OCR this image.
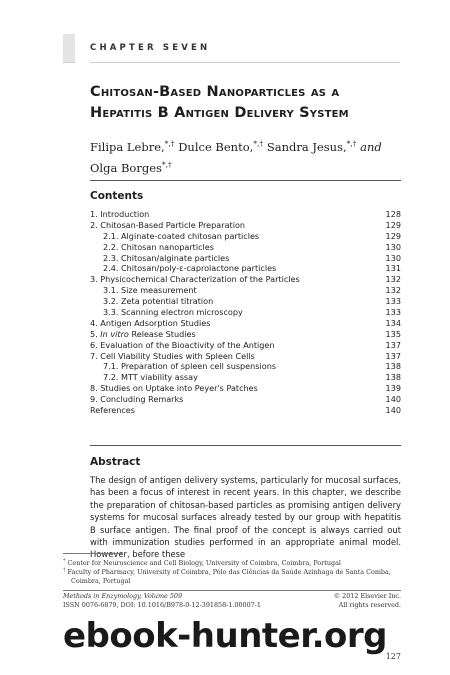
CHAPTER SEVEN
Chitosan-Based Nanoparticles as a
Hepatitis B Antigen Delivery System
Filipa Lebre,*,† Dulce Bento,*,† Sandra Jesus,*,† and
Olga Borges*,†
Contents
1. Introduction	128
2. Chitosan-Based Particle Preparation	129
2.1. Alginate-coated chitosan particles	129
2.2. Chitosan nanoparticles	130
2.3. Chitosan/alginate particles	130
2.4. Chitosan/poly-ε-caprolactone particles	131
3. Physicochemical Characterization of the Particles	132
3.1. Size measurement	132
3.2. Zeta potential titration	133
3.3. Scanning electron microscopy	133
4. Antigen Adsorption Studies	134
5. In vitro Release Studies	135
6. Evaluation of the Bioactivity of the Antigen	137
7. Cell Viability Studies with Spleen Cells	137
7.1. Preparation of spleen cell suspensions	138
7.2. MTT viability assay	138
8. Studies on Uptake into Peyer's Patches	139
9. Concluding Remarks	140
References	140
Abstract
The design of antigen delivery systems, particularly for mucosal surfaces, has been a focus of interest in recent years. In this chapter, we describe the preparation of chitosan-based particles as promising antigen delivery systems for mucosal surfaces already tested by our group with hepatitis B surface antigen. The final proof of the concept is always carried out with immunization studies performed in an appropriate animal model. However, before these
* Center for Neuroscience and Cell Biology, University of Coimbra, Coimbra, Portugal
† Faculty of Pharmacy, University of Coimbra, Pólo das Ciências da Saúde Azinhaga de Santa Comba,
Coimbra, Portugal
Methods in Enzymology, Volume 509	© 2012 Elsevier Inc.
ISSN 0076-6879, DOI: 10.1016/B978-0-12-391858-1.00007-1	All rights reserved.
127
ebook-hunter.org
